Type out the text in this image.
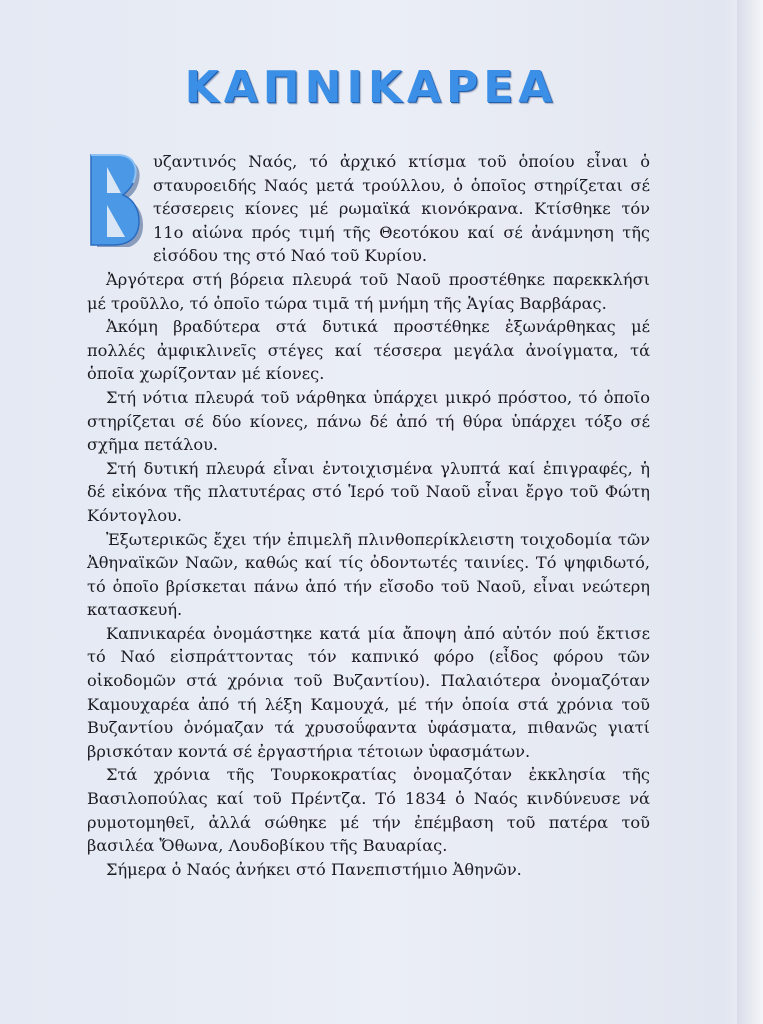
ΚΑΠΝΙΚΑΡΕΑ

υζαντινός Ναός, τό ἀρχικό κτίσμα τοῦ ὁποίου εἶναι ὁ σταυροειδής Ναός μετά τρούλλου, ὁ ὁποῖος στηρίζεται σέ τέσσερεις κίονες μέ ρωμαϊκά κιονόκρανα. Κτίσθηκε τόν 11ο αἰώνα πρός τιμή τῆς Θεοτόκου καί σέ ἀνάμνηση τῆς εἰσόδου της στό Ναό τοῦ Κυρίου.

Ἀργότερα στή βόρεια πλευρά τοῦ Ναοῦ προστέθηκε παρεκκλήσι μέ τροῦλλο, τό ὁποῖο τώρα τιμᾶ τή μνήμη τῆς Ἁγίας Βαρβάρας.

Ἀκόμη βραδύτερα στά δυτικά προστέθηκε ἐξωνάρθηκας μέ πολλές ἀμφικλινεῖς στέγες καί τέσσερα μεγάλα ἀνοίγματα, τά ὁποῖα χωρίζονταν μέ κίονες.

Στή νότια πλευρά τοῦ νάρθηκα ὑπάρχει μικρό πρόστοο, τό ὁποῖο στηρίζεται σέ δύο κίονες, πάνω δέ ἀπό τή θύρα ὑπάρχει τόξο σέ σχῆμα πετάλου.

Στή δυτική πλευρά εἶναι ἐντοιχισμένα γλυπτά καί ἐπιγραφές, ἡ δέ εἰκόνα τῆς πλατυτέρας στό Ἱερό τοῦ Ναοῦ εἶναι ἔργο τοῦ Φώτη Κόντογλου.

Ἐξωτερικῶς ἔχει τήν ἐπιμελῆ πλινθοπερίκλειστη τοιχοδομία τῶν Ἀθηναϊκῶν Ναῶν, καθώς καί τίς ὀδοντωτές ταινίες. Τό ψηφιδωτό, τό ὁποῖο βρίσκεται πάνω ἀπό τήν εἴσοδο τοῦ Ναοῦ, εἶναι νεώτερη κατασκευή.

Καπνικαρέα ὀνομάστηκε κατά μία ἄποψη ἀπό αὐτόν πού ἔκτισε τό Ναό εἰσπράττοντας τόν καπνικό φόρο (εἶδος φόρου τῶν οἰκοδομῶν στά χρόνια τοῦ Βυζαντίου). Παλαιότερα ὀνομαζόταν Καμουχαρέα ἀπό τή λέξη Καμουχά, μέ τήν ὁποία στά χρόνια τοῦ Βυζαντίου ὀνόμαζαν τά χρυσοΰφαντα ὑφάσματα, πιθανῶς γιατί βρισκόταν κοντά σέ ἐργαστήρια τέτοιων ὑφασμάτων.

Στά χρόνια τῆς Τουρκοκρατίας ὀνομαζόταν ἐκκλησία τῆς Βασιλοπούλας καί τοῦ Πρέντζα. Τό 1834 ὁ Ναός κινδύνευσε νά ρυμοτομηθεῖ, ἀλλά σώθηκε μέ τήν ἐπέμβαση τοῦ πατέρα τοῦ βασιλέα Ὄθωνα, Λουδοβίκου τῆς Βαυαρίας.

Σήμερα ὁ Ναός ἀνήκει στό Πανεπιστήμιο Ἀθηνῶν.
